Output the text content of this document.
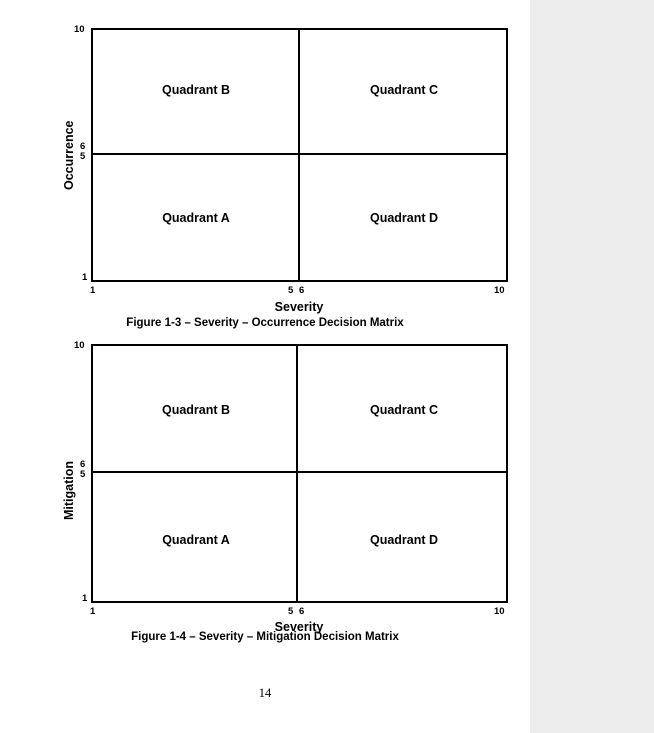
Occurrence
10
6
5
1
Quadrant B	Quadrant C
Quadrant A	Quadrant D
1	5 6	10
Severity
Figure 1-3 – Severity – Occurrence Decision Matrix
Mitigation
10
6
5
1
Quadrant B	Quadrant C
Quadrant A	Quadrant D
1	5 6	10
Severity
Figure 1-4 – Severity – Mitigation Decision Matrix
14
